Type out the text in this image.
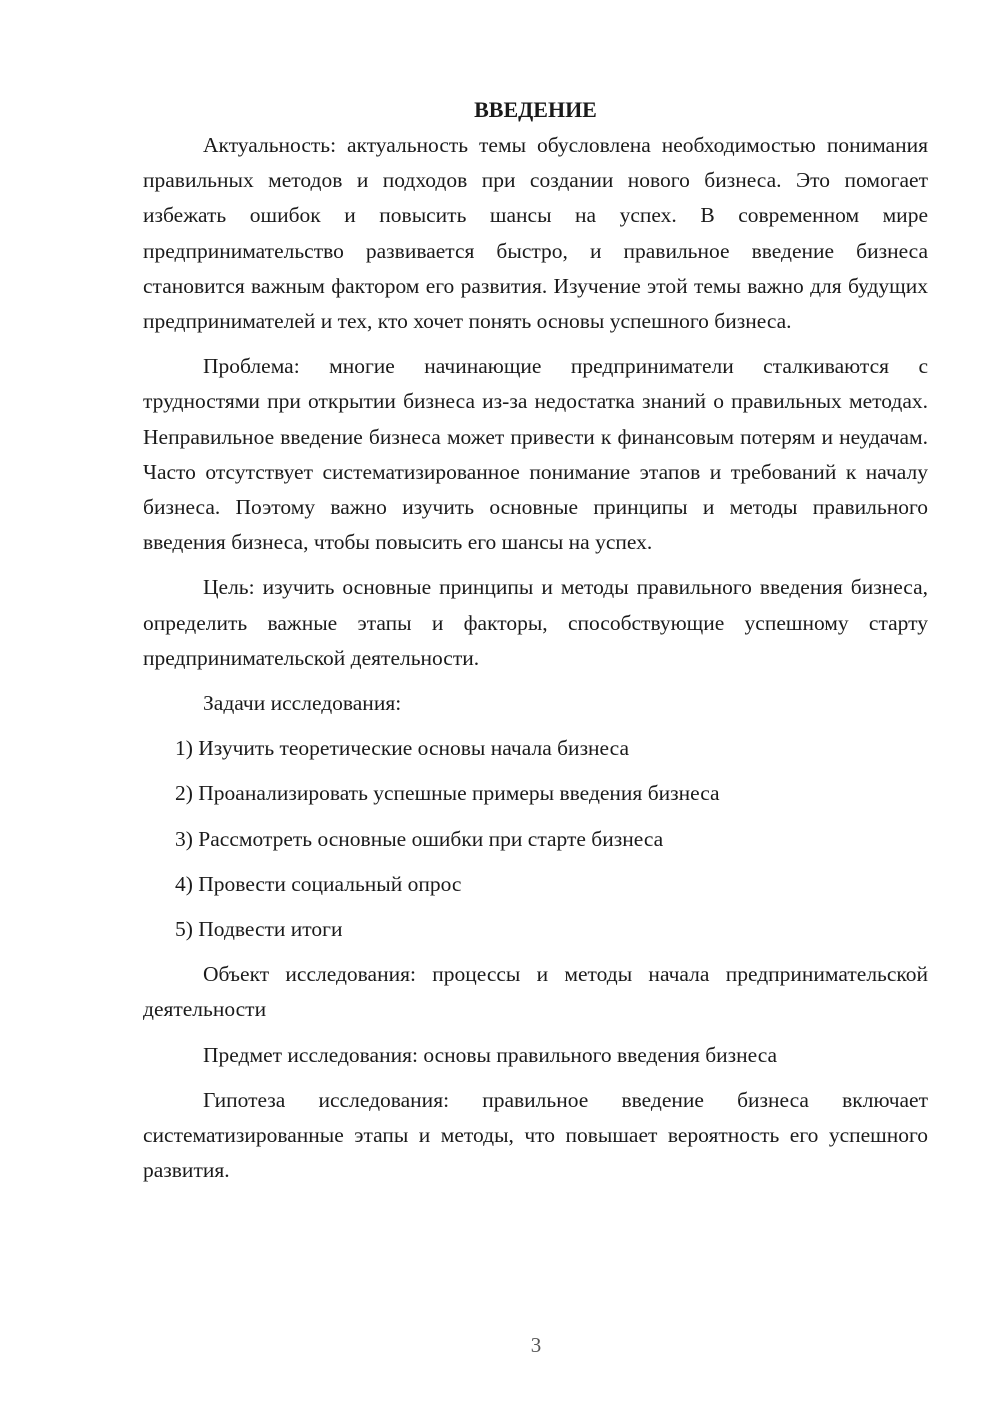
ВВЕДЕНИЕ

Актуальность: актуальность темы обусловлена необходимостью понимания правильных методов и подходов при создании нового бизнеса. Это помогает избежать ошибок и повысить шансы на успех. В современном мире предпринимательство развивается быстро, и правильное введение бизнеса становится важным фактором его развития. Изучение этой темы важно для будущих предпринимателей и тех, кто хочет понять основы успешного бизнеса.

Проблема: многие начинающие предприниматели сталкиваются с трудностями при открытии бизнеса из-за недостатка знаний о правильных методах. Неправильное введение бизнеса может привести к финансовым потерям и неудачам. Часто отсутствует систематизированное понимание этапов и требований к началу бизнеса. Поэтому важно изучить основные принципы и методы правильного введения бизнеса, чтобы повысить его шансы на успех.

Цель: изучить основные принципы и методы правильного введения бизнеса, определить важные этапы и факторы, способствующие успешному старту предпринимательской деятельности.

Задачи исследования:

1) Изучить теоретические основы начала бизнеса
2) Проанализировать успешные примеры введения бизнеса
3) Рассмотреть основные ошибки при старте бизнеса
4) Провести социальный опрос
5) Подвести итоги

Объект исследования: процессы и методы начала предпринимательской деятельности

Предмет исследования: основы правильного введения бизнеса

Гипотеза исследования: правильное введение бизнеса включает систематизированные этапы и методы, что повышает вероятность его успешного развития.

3
